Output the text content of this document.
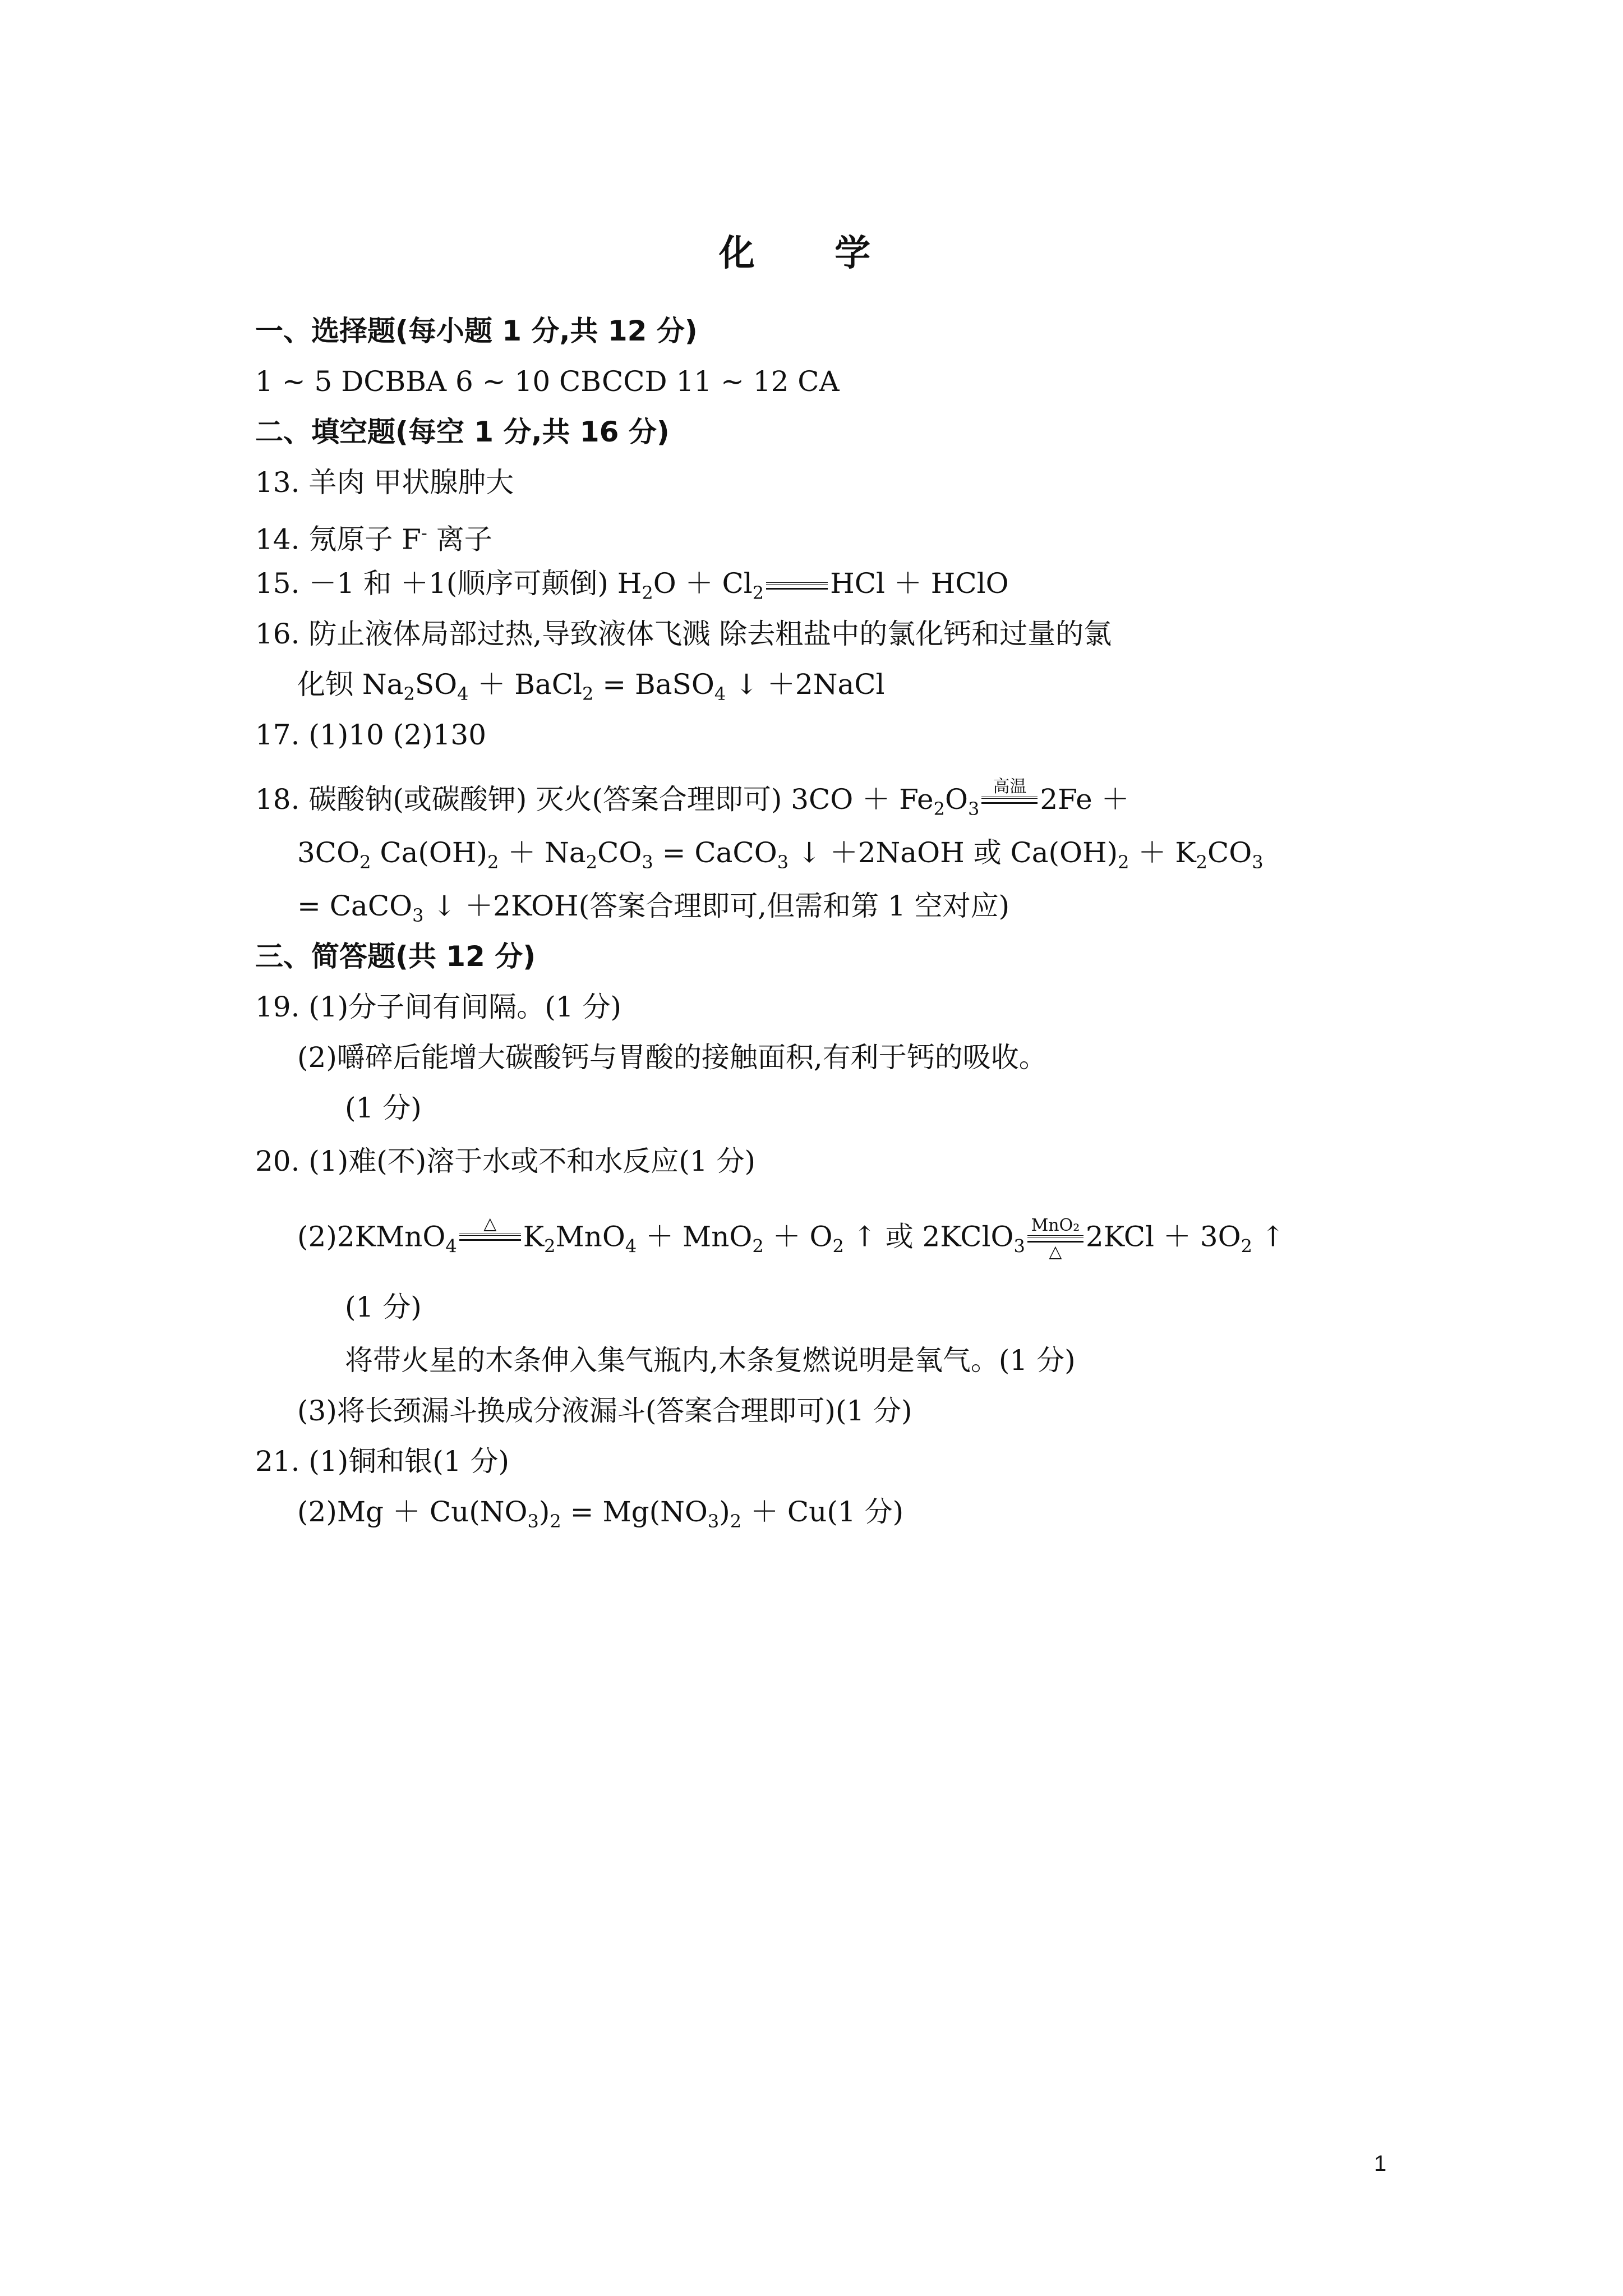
化 学
一、选择题(每小题 1 分,共 12 分)
1 ~ 5 DCBBA 6 ~ 10 CBCCD 11 ~ 12 CA
二、填空题(每空 1 分,共 16 分)
13. 羊肉 甲状腺肿大
14. 氖原子 F- 离子
15. －1 和 ＋1(顺序可颠倒) $H_2O + Cl_2$ HCl ＋ HClO
16. 防止液体局部过热,导致液体飞溅 除去粗盐中的氯化钙和过量的氯
化钡 $Na_2SO_4$ ＋ BaCl$_2$ = BaSO$_4$ ↓ ＋2NaCl
17. (1)10 (2)130
18. 碳酸钠(或碳酸钾) 灭火(答案合理即可) $3CO + Fe_2O_3$
高温 2Fe ＋
$3CO_2$ $Ca(OH)_2 + Na_2CO_3$ = CaCO$_3$ ↓ ＋2NaOH 或 $Ca(OH)_2 + K_2CO_3$
= CaCO$_3$ ↓ ＋2KOH(答案合理即可,但需和第 1 空对应)
三、简答题(共 12 分)
19. (1)分子间有间隔。(1 分)
(2)嚼碎后能增大碳酸钙与胃酸的接触面积,有利于钙的吸收。
(1 分)
20. (1)难(不)溶于水或不和水反应(1 分)
(2)2KMnO$_4$
△ $K_2MnO_4 + MnO_2 + O_2$ ↑ 或 2KClO$_3$
MnO₂
△ $2KCl + 3O_2$ ↑
(1 分)
将带火星的木条伸入集气瓶内,木条复燃说明是氧气。(1 分)
(3)将长颈漏斗换成分液漏斗(答案合理即可)(1 分)
21. (1)铜和银(1 分)
$(2)Mg + Cu(NO_3)_2 = Mg(NO_3)_2 + Cu(1$ 分)
1
